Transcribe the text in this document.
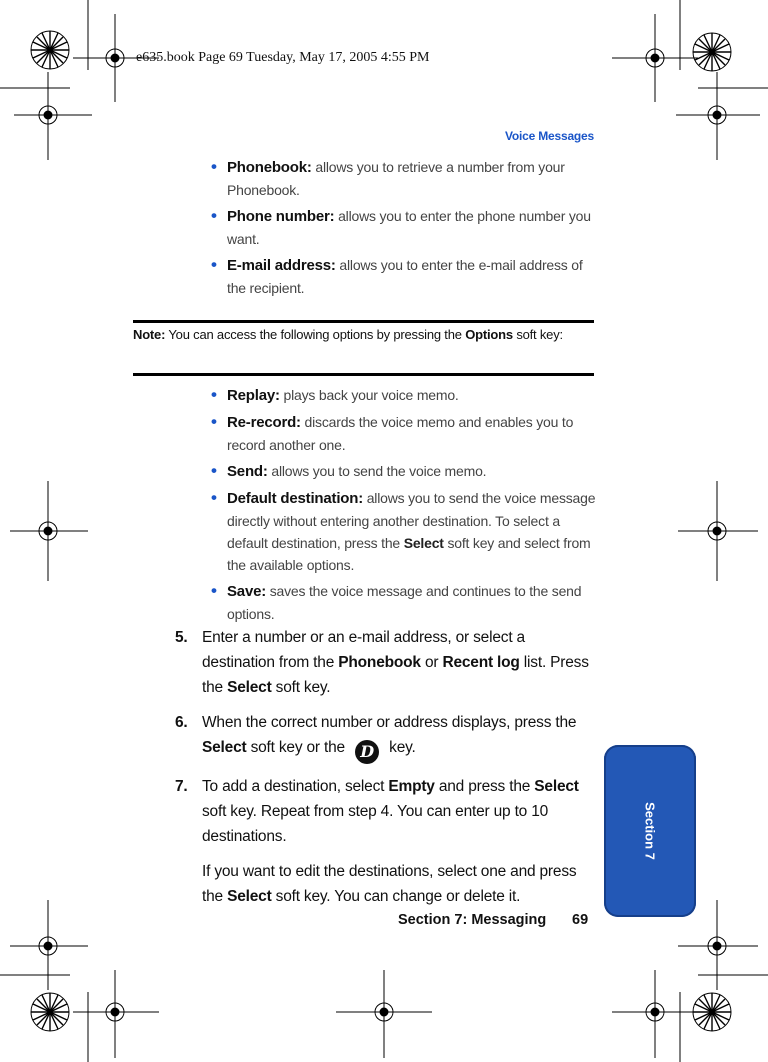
e635.book Page 69 Tuesday, May 17, 2005 4:55 PM
Voice Messages
• Phonebook: allows you to retrieve a number from your Phonebook.
• Phone number: allows you to enter the phone number you want.
• E-mail address: allows you to enter the e-mail address of the recipient.
Note: You can access the following options by pressing the Options soft key:
• Replay: plays back your voice memo.
• Re-record: discards the voice memo and enables you to record another one.
• Send: allows you to send the voice memo.
• Default destination: allows you to send the voice message directly without entering another destination. To select a default destination, press the Select soft key and select from the available options.
• Save: saves the voice message and continues to the send options.
5. Enter a number or an e-mail address, or select a destination from the Phonebook or Recent log list. Press the Select soft key.
6. When the correct number or address displays, press the Select soft key or the D key.
7. To add a destination, select Empty and press the Select soft key. Repeat from step 4. You can enter up to 10 destinations.
If you want to edit the destinations, select one and press the Select soft key. You can change or delete it.
Section 7: Messaging 69
Section 7
